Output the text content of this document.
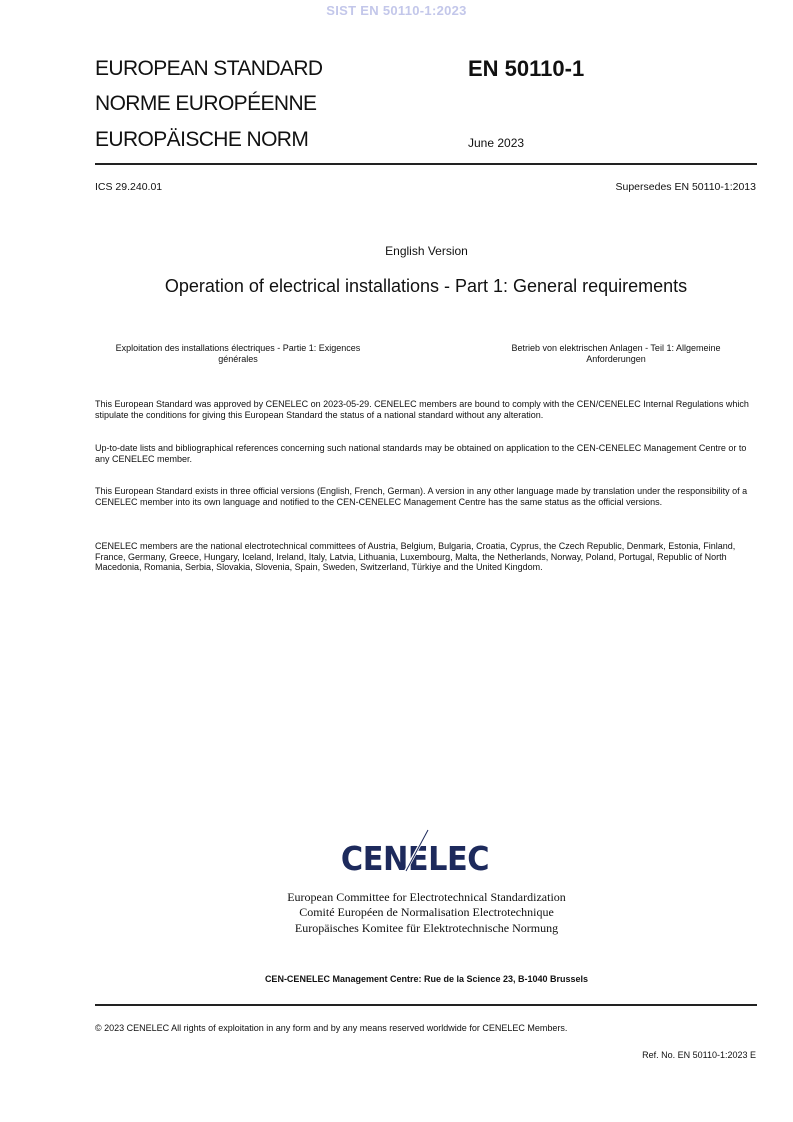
SIST EN 50110-1:2023
EUROPEAN STANDARD
NORME EUROPÉENNE
EUROPÄISCHE NORM
EN 50110-1
June 2023
ICS 29.240.01	Supersedes EN 50110-1:2013
English Version
Operation of electrical installations - Part 1: General requirements
Exploitation des installations électriques - Partie 1: Exigences générales
Betrieb von elektrischen Anlagen - Teil 1: Allgemeine Anforderungen
This European Standard was approved by CENELEC on 2023-05-29. CENELEC members are bound to comply with the CEN/CENELEC Internal Regulations which stipulate the conditions for giving this European Standard the status of a national standard without any alteration.
Up-to-date lists and bibliographical references concerning such national standards may be obtained on application to the CEN-CENELEC Management Centre or to any CENELEC member.
This European Standard exists in three official versions (English, French, German). A version in any other language made by translation under the responsibility of a CENELEC member into its own language and notified to the CEN-CENELEC Management Centre has the same status as the official versions.
CENELEC members are the national electrotechnical committees of Austria, Belgium, Bulgaria, Croatia, Cyprus, the Czech Republic, Denmark, Estonia, Finland, France, Germany, Greece, Hungary, Iceland, Ireland, Italy, Latvia, Lithuania, Luxembourg, Malta, the Netherlands, Norway, Poland, Portugal, Republic of North Macedonia, Romania, Serbia, Slovakia, Slovenia, Spain, Sweden, Switzerland, Türkiye and the United Kingdom.
CENELEC
European Committee for Electrotechnical Standardization
Comité Européen de Normalisation Electrotechnique
Europäisches Komitee für Elektrotechnische Normung
CEN-CENELEC Management Centre: Rue de la Science 23, B-1040 Brussels
© 2023 CENELEC All rights of exploitation in any form and by any means reserved worldwide for CENELEC Members.
Ref. No. EN 50110-1:2023 E
